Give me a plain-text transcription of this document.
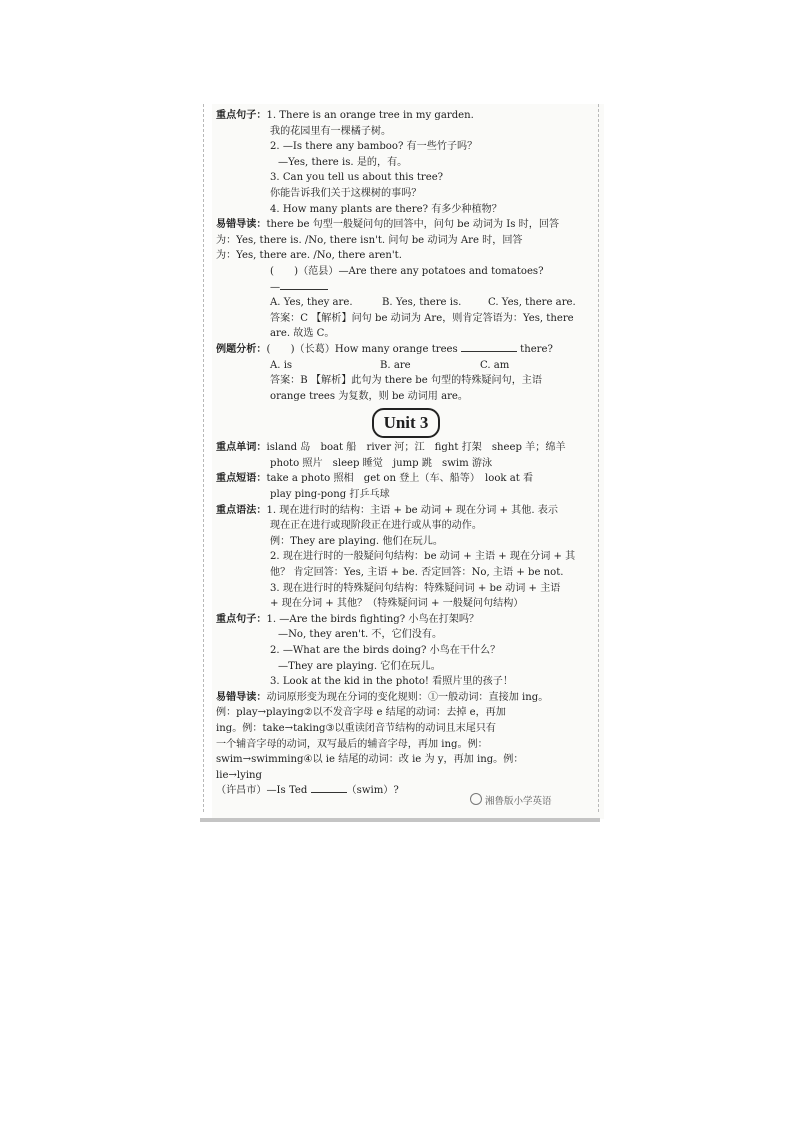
重点句子：1. There is an orange tree in my garden.
我的花园里有一棵橘子树。
2. —Is there any bamboo? 有一些竹子吗？
—Yes, there is. 是的，有。
3. Can you tell us about this tree?
你能告诉我们关于这棵树的事吗？
4. How many plants are there? 有多少种植物？
易错导读：there be 句型一般疑问句的回答中，问句 be 动词为 Is 时，回答
为：Yes, there is. /No, there isn't. 问句 be 动词为 Are 时，回答
为：Yes, there are. /No, there aren't.
(　　)（范县）—Are there any potatoes and tomatoes?
—
A. Yes, they are.	B. Yes, there is.	C. Yes, there are.
答案：C 【解析】问句 be 动词为 Are，则肯定答语为：Yes, there
are. 故选 C。
例题分析：(　　)（长葛）How many orange trees	there?
A. is	B. are	C. am
答案：B 【解析】此句为 there be 句型的特殊疑问句，主语
orange trees 为复数，则 be 动词用 are。
Unit 3
重点单词：island 岛　boat 船　river 河；江　fight 打架　sheep 羊；绵羊
photo 照片　sleep 睡觉　jump 跳　swim 游泳
重点短语：take a photo 照相　get on 登上（车、船等）　look at 看
play ping-pong 打乒乓球
重点语法：1. 现在进行时的结构：主语 + be 动词 + 现在分词 + 其他. 表示
现在正在进行或现阶段正在进行或从事的动作。
例：They are playing. 他们在玩儿。
2. 现在进行时的一般疑问句结构：be 动词 + 主语 + 现在分词 + 其
他？ 肯定回答：Yes, 主语 + be. 否定回答：No, 主语 + be not.
3. 现在进行时的特殊疑问句结构：特殊疑问词 + be 动词 + 主语
+ 现在分词 + 其他？（特殊疑问词 + 一般疑问句结构）
重点句子：1. —Are the birds fighting? 小鸟在打架吗？
—No, they aren't. 不，它们没有。
2. —What are the birds doing? 小鸟在干什么？
—They are playing. 它们在玩儿。
3. Look at the kid in the photo! 看照片里的孩子！
易错导读：动词原形变为现在分词的变化规则：①一般动词：直接加 ing。
例：play→playing②以不发音字母 e 结尾的动词：去掉 e，再加
ing。例：take→taking③以重读闭音节结构的动词且末尾只有
一个辅音字母的动词，双写最后的辅音字母，再加 ing。例：
swim→swimming④以 ie 结尾的动词：改 ie 为 y，再加 ing。例：
lie→lying
（许昌市）—Is Ted	（swim）?
湘鲁版小学英语
